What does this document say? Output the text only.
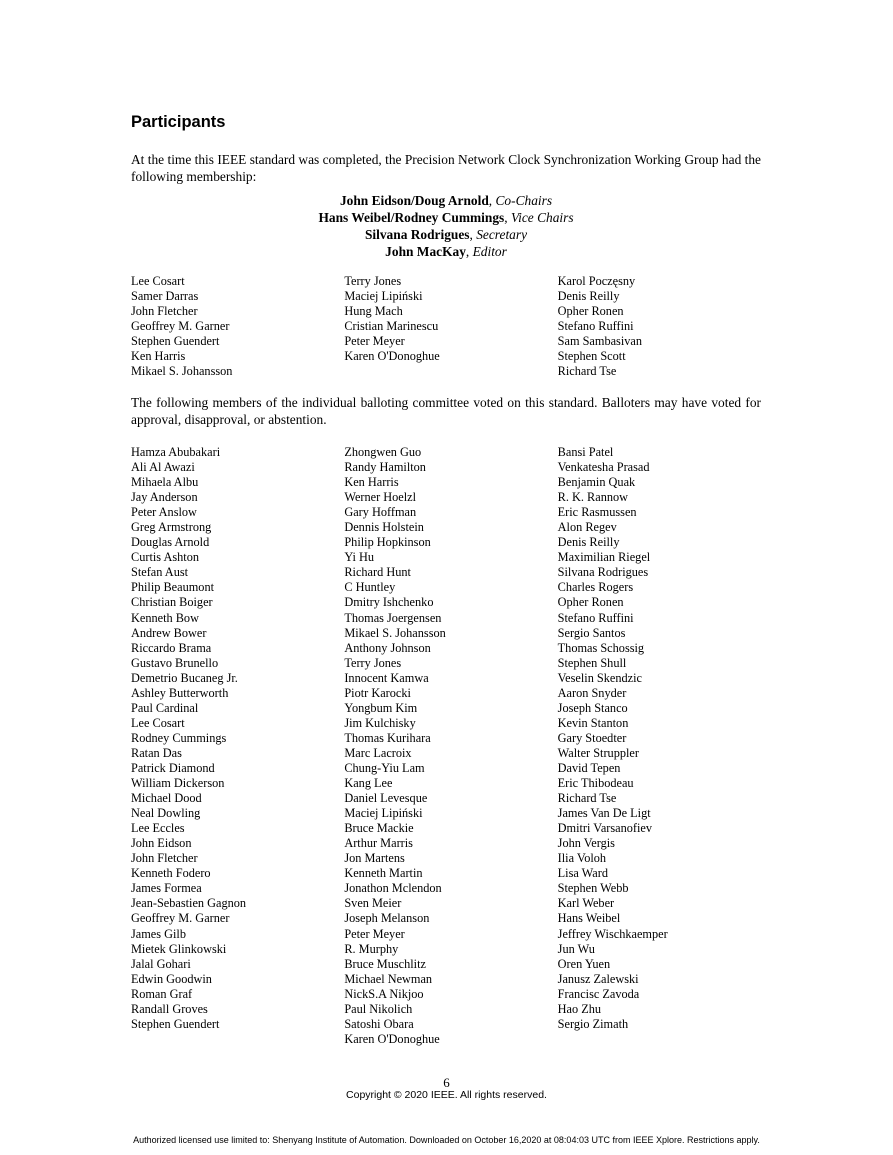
Participants
At the time this IEEE standard was completed, the Precision Network Clock Synchronization Working Group had the following membership:
John Eidson/Doug Arnold, Co-Chairs
Hans Weibel/Rodney Cummings, Vice Chairs
Silvana Rodrigues, Secretary
John MacKay, Editor
Lee Cosart
Samer Darras
John Fletcher
Geoffrey M. Garner
Stephen Guendert
Ken Harris
Mikael S. Johansson
Terry Jones
Maciej Lipiński
Hung Mach
Cristian Marinescu
Peter Meyer
Karen O'Donoghue
Karol Poczęsny
Denis Reilly
Opher Ronen
Stefano Ruffini
Sam Sambasivan
Stephen Scott
Richard Tse
The following members of the individual balloting committee voted on this standard. Balloters may have voted for approval, disapproval, or abstention.
Hamza Abubakari
Ali Al Awazi
Mihaela Albu
Jay Anderson
Peter Anslow
Greg Armstrong
Douglas Arnold
Curtis Ashton
Stefan Aust
Philip Beaumont
Christian Boiger
Kenneth Bow
Andrew Bower
Riccardo Brama
Gustavo Brunello
Demetrio Bucaneg Jr.
Ashley Butterworth
Paul Cardinal
Lee Cosart
Rodney Cummings
Ratan Das
Patrick Diamond
William Dickerson
Michael Dood
Neal Dowling
Lee Eccles
John Eidson
John Fletcher
Kenneth Fodero
James Formea
Jean-Sebastien Gagnon
Geoffrey M. Garner
James Gilb
Mietek Glinkowski
Jalal Gohari
Edwin Goodwin
Roman Graf
Randall Groves
Stephen Guendert
Zhongwen Guo
Randy Hamilton
Ken Harris
Werner Hoelzl
Gary Hoffman
Dennis Holstein
Philip Hopkinson
Yi Hu
Richard Hunt
C Huntley
Dmitry Ishchenko
Thomas Joergensen
Mikael S. Johansson
Anthony Johnson
Terry Jones
Innocent Kamwa
Piotr Karocki
Yongbum Kim
Jim Kulchisky
Thomas Kurihara
Marc Lacroix
Chung-Yiu Lam
Kang Lee
Daniel Levesque
Maciej Lipiński
Bruce Mackie
Arthur Marris
Jon Martens
Kenneth Martin
Jonathon Mclendon
Sven Meier
Joseph Melanson
Peter Meyer
R. Murphy
Bruce Muschlitz
Michael Newman
NickS.A Nikjoo
Paul Nikolich
Satoshi Obara
Karen O'Donoghue
Bansi Patel
Venkatesha Prasad
Benjamin Quak
R. K. Rannow
Eric Rasmussen
Alon Regev
Denis Reilly
Maximilian Riegel
Silvana Rodrigues
Charles Rogers
Opher Ronen
Stefano Ruffini
Sergio Santos
Thomas Schossig
Stephen Shull
Veselin Skendzic
Aaron Snyder
Joseph Stanco
Kevin Stanton
Gary Stoedter
Walter Struppler
David Tepen
Eric Thibodeau
Richard Tse
James Van De Ligt
Dmitri Varsanofiev
John Vergis
Ilia Voloh
Lisa Ward
Stephen Webb
Karl Weber
Hans Weibel
Jeffrey Wischkaemper
Jun Wu
Oren Yuen
Janusz Zalewski
Francisc Zavoda
Hao Zhu
Sergio Zimath
6
Copyright © 2020 IEEE. All rights reserved.
Authorized licensed use limited to: Shenyang Institute of Automation. Downloaded on October 16,2020 at 08:04:03 UTC from IEEE Xplore. Restrictions apply.
